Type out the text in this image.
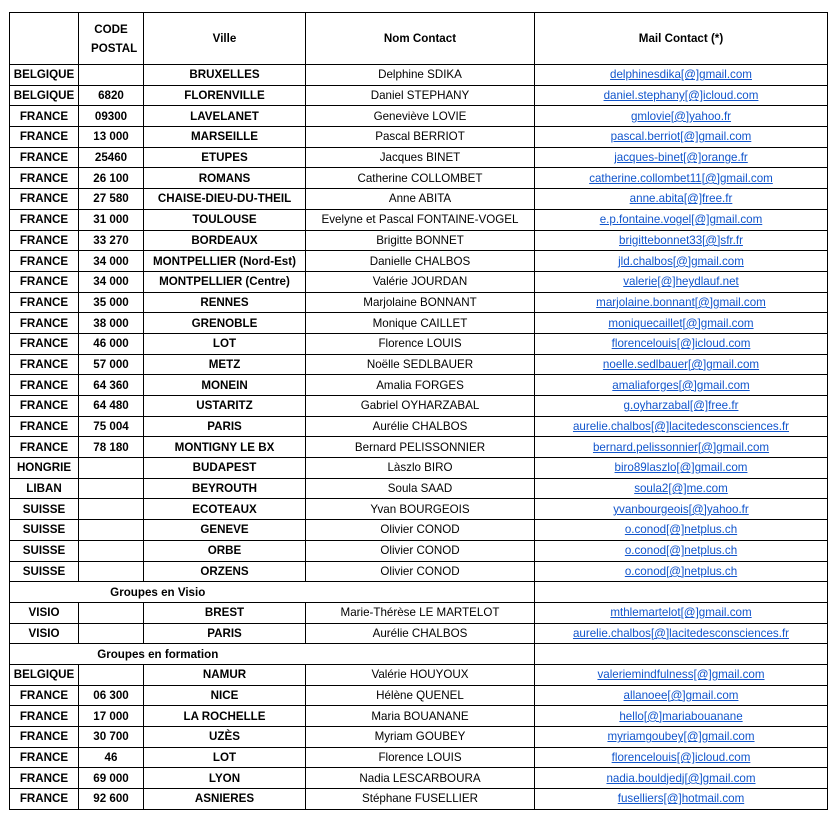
	CODE POSTAL	Ville	Nom Contact	Mail Contact (*)
BELGIQUE		BRUXELLES	Delphine SDIKA	delphinesdika[@]gmail.com
BELGIQUE	6820	FLORENVILLE	Daniel STEPHANY	daniel.stephany[@]icloud.com
FRANCE	09300	LAVELANET	Geneviève LOVIE	gmlovie[@]yahoo.fr
FRANCE	13 000	MARSEILLE	Pascal BERRIOT	pascal.berriot[@]gmail.com
FRANCE	25460	ETUPES	Jacques BINET	jacques-binet[@]orange.fr
FRANCE	26 100	ROMANS	Catherine COLLOMBET	catherine.collombet11[@]gmail.com
FRANCE	27 580	CHAISE-DIEU-DU-THEIL	Anne ABITA	anne.abita[@]free.fr
FRANCE	31 000	TOULOUSE	Evelyne et Pascal FONTAINE-VOGEL	e.p.fontaine.vogel[@]gmail.com
FRANCE	33 270	BORDEAUX	Brigitte BONNET	brigittebonnet33[@]sfr.fr
FRANCE	34 000	MONTPELLIER (Nord-Est)	Danielle CHALBOS	jld.chalbos[@]gmail.com
FRANCE	34 000	MONTPELLIER (Centre)	Valérie JOURDAN	valerie[@]heydlauf.net
FRANCE	35 000	RENNES	Marjolaine BONNANT	marjolaine.bonnant[@]gmail.com
FRANCE	38 000	GRENOBLE	Monique CAILLET	moniquecaillet[@]gmail.com
FRANCE	46 000	LOT	Florence LOUIS	florencelouis[@]icloud.com
FRANCE	57 000	METZ	Noëlle SEDLBAUER	noelle.sedlbauer[@]gmail.com
FRANCE	64 360	MONEIN	Amalia FORGES	amaliaforges[@]gmail.com
FRANCE	64 480	USTARITZ	Gabriel OYHARZABAL	g.oyharzabal[@]free.fr
FRANCE	75 004	PARIS	Aurélie CHALBOS	aurelie.chalbos[@]lacitedesconsciences.fr
FRANCE	78 180	MONTIGNY LE BX	Bernard PELISSONNIER	bernard.pelissonnier[@]gmail.com
HONGRIE		BUDAPEST	Làszlo BIRO	biro89laszlo[@]gmail.com
LIBAN		BEYROUTH	Soula SAAD	soula2[@]me.com
SUISSE		ECOTEAUX	Yvan BOURGEOIS	yvanbourgeois[@]yahoo.fr
SUISSE		GENEVE	Olivier CONOD	o.conod[@]netplus.ch
SUISSE		ORBE	Olivier CONOD	o.conod[@]netplus.ch
SUISSE		ORZENS	Olivier CONOD	o.conod[@]netplus.ch
Groupes en Visio				
VISIO		BREST	Marie-Thérèse LE MARTELOT	mthlemartelot[@]gmail.com
VISIO		PARIS	Aurélie CHALBOS	aurelie.chalbos[@]lacitedesconsciences.fr
Groupes en formation				
BELGIQUE		NAMUR	Valérie HOUYOUX	valeriemindfulness[@]gmail.com
FRANCE	06 300	NICE	Hélène QUENEL	allanoee[@]gmail.com
FRANCE	17 000	LA ROCHELLE	Maria BOUANANE	hello[@]mariabouanane
FRANCE	30 700	UZÈS	Myriam GOUBEY	myriamgoubey[@]gmail.com
FRANCE	46	LOT	Florence LOUIS	florencelouis[@]icloud.com
FRANCE	69 000	LYON	Nadia LESCARBOURA	nadia.bouldjedj[@]gmail.com
FRANCE	92 600	ASNIERES	Stéphane FUSELLIER	fuselliers[@]hotmail.com
